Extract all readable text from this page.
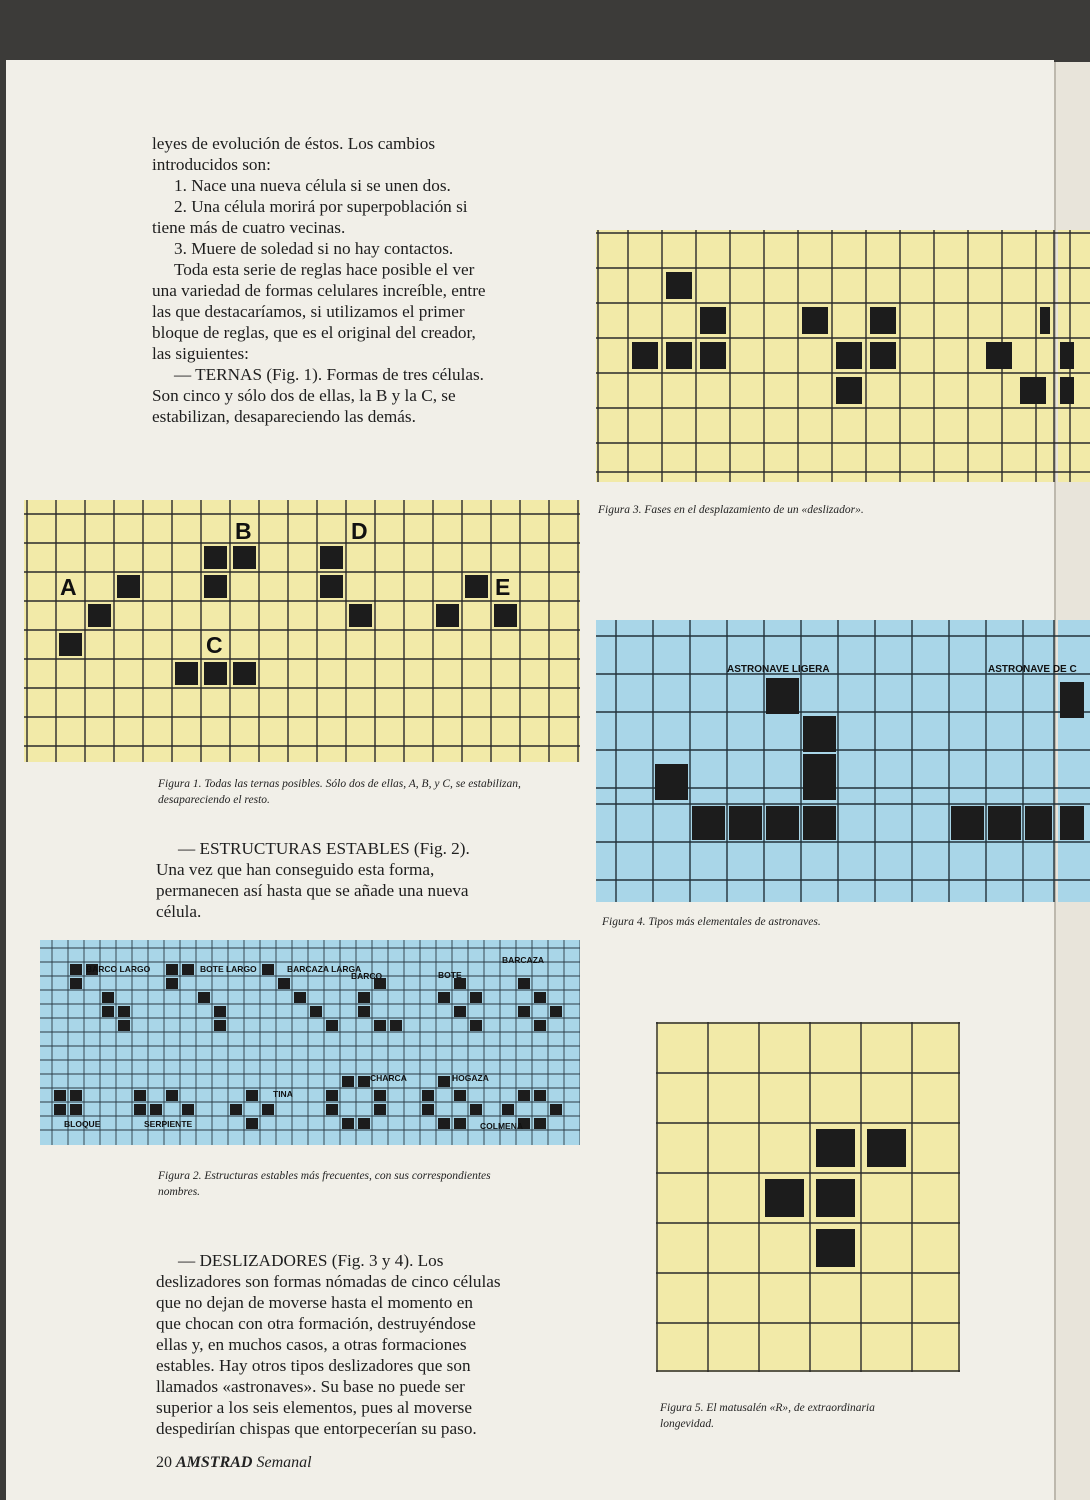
leyes de evolución de éstos. Los cambios

introducidos son:

1. Nace una nueva célula si se unen dos.

2. Una célula morirá por superpoblación si

tiene más de cuatro vecinas.

3. Muere de soledad si no hay contactos.

Toda esta serie de reglas hace posible el ver

una variedad de formas celulares increíble, entre

las que destacaríamos, si utilizamos el primer

bloque de reglas, que es el original del creador,

las siguientes:

— TERNAS (Fig. 1). Formas de tres células.

Son cinco y sólo dos de ellas, la B y la C, se

estabilizan, desapareciendo las demás.

A
B
C
D
E
Figura 1. Todas las ternas posibles. Sólo dos de ellas, A, B, y C, se estabilizan, desapareciendo el resto.

— ESTRUCTURAS ESTABLES (Fig. 2).

Una vez que han conseguido esta forma,

permanecen así hasta que se añade una nueva

célula.

BARCO LARGO	BOTE LARGO	BARCAZA LARGA
BARCO	BOTE
BARCAZA
CHARCA	HOGAZA
TINA
BLOQUE	SERPIENTE	COLMENA
Figura 2. Estructuras estables más frecuentes, con sus correspondientes nombres.

— DESLIZADORES (Fig. 3 y 4). Los

deslizadores son formas nómadas de cinco células

que no dejan de moverse hasta el momento en

que chocan con otra formación, destruyéndose

ellas y, en muchos casos, a otras formaciones

estables. Hay otros tipos deslizadores que son

llamados «astronaves». Su base no puede ser

superior a los seis elementos, pues al moverse

despedirían chispas que entorpecerían su paso.

Figura 3. Fases en el desplazamiento de un «deslizador».
ASTRONAVE LIGERA	ASTRONAVE DE C
Figura 4. Tipos más elementales de astronaves.
Figura 5. El matusalén «R», de extraordinaria longevidad.
20 AMSTRAD Semanal
